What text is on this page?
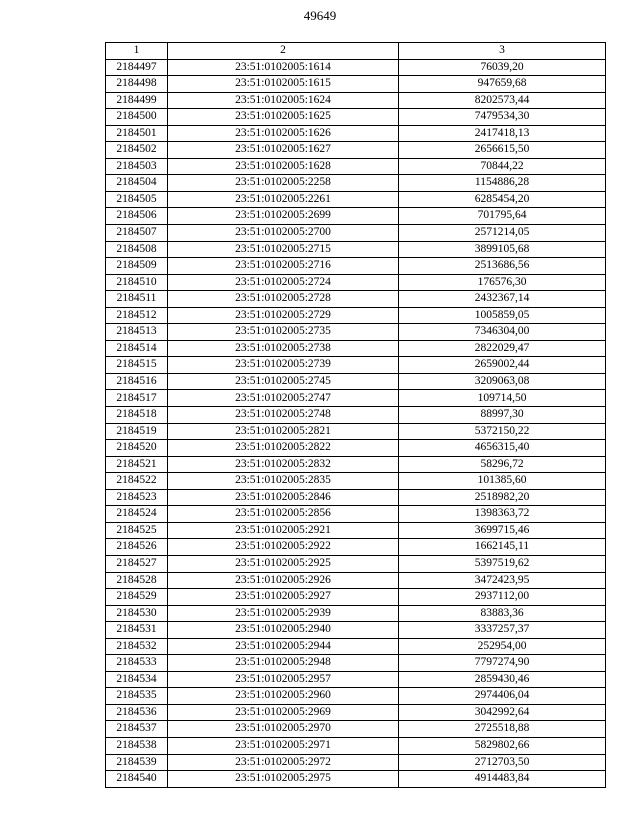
49649
1	2	3
2184497	23:51:0102005:1614	76039,20
2184498	23:51:0102005:1615	947659,68
2184499	23:51:0102005:1624	8202573,44
2184500	23:51:0102005:1625	7479534,30
2184501	23:51:0102005:1626	2417418,13
2184502	23:51:0102005:1627	2656615,50
2184503	23:51:0102005:1628	70844,22
2184504	23:51:0102005:2258	1154886,28
2184505	23:51:0102005:2261	6285454,20
2184506	23:51:0102005:2699	701795,64
2184507	23:51:0102005:2700	2571214,05
2184508	23:51:0102005:2715	3899105,68
2184509	23:51:0102005:2716	2513686,56
2184510	23:51:0102005:2724	176576,30
2184511	23:51:0102005:2728	2432367,14
2184512	23:51:0102005:2729	1005859,05
2184513	23:51:0102005:2735	7346304,00
2184514	23:51:0102005:2738	2822029,47
2184515	23:51:0102005:2739	2659002,44
2184516	23:51:0102005:2745	3209063,08
2184517	23:51:0102005:2747	109714,50
2184518	23:51:0102005:2748	88997,30
2184519	23:51:0102005:2821	5372150,22
2184520	23:51:0102005:2822	4656315,40
2184521	23:51:0102005:2832	58296,72
2184522	23:51:0102005:2835	101385,60
2184523	23:51:0102005:2846	2518982,20
2184524	23:51:0102005:2856	1398363,72
2184525	23:51:0102005:2921	3699715,46
2184526	23:51:0102005:2922	1662145,11
2184527	23:51:0102005:2925	5397519,62
2184528	23:51:0102005:2926	3472423,95
2184529	23:51:0102005:2927	2937112,00
2184530	23:51:0102005:2939	83883,36
2184531	23:51:0102005:2940	3337257,37
2184532	23:51:0102005:2944	252954,00
2184533	23:51:0102005:2948	7797274,90
2184534	23:51:0102005:2957	2859430,46
2184535	23:51:0102005:2960	2974406,04
2184536	23:51:0102005:2969	3042992,64
2184537	23:51:0102005:2970	2725518,88
2184538	23:51:0102005:2971	5829802,66
2184539	23:51:0102005:2972	2712703,50
2184540	23:51:0102005:2975	4914483,84
